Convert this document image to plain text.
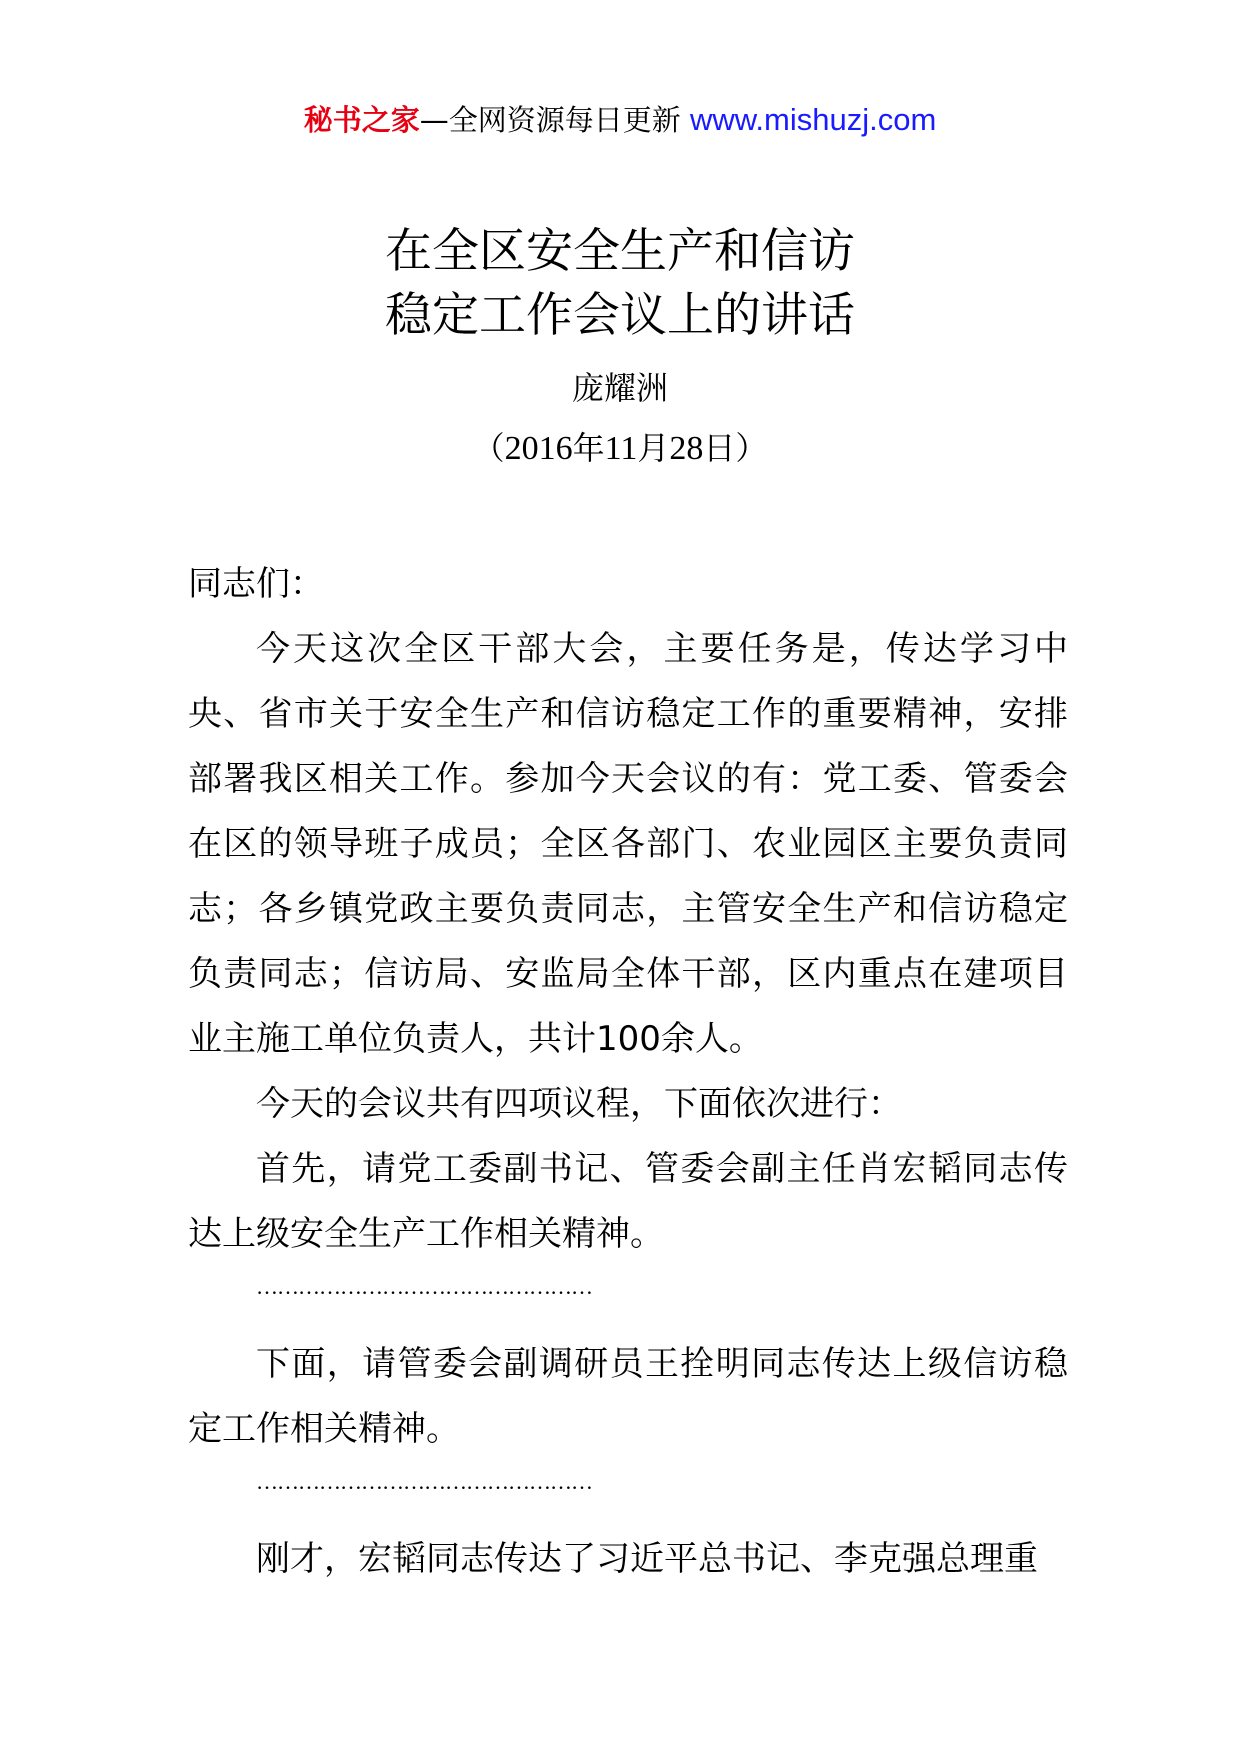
秘书之家—全网资源每日更新 www.mishuzj.com
在全区安全生产和信访
稳定工作会议上的讲话
庞耀洲
（2016年11月28日）

同志们：

今天这次全区干部大会，主要任务是，传达学习中央、省市关于安全生产和信访稳定工作的重要精神，安排部署我区相关工作。参加今天会议的有：党工委、管委会在区的领导班子成员；全区各部门、农业园区主要负责同志；各乡镇党政主要负责同志，主管安全生产和信访稳定负责同志；信访局、安监局全体干部，区内重点在建项目业主施工单位负责人，共计100余人。

今天的会议共有四项议程，下面依次进行：

首先，请党工委副书记、管委会副主任肖宏韬同志传达上级安全生产工作相关精神。

…………………………………………

下面，请管委会副调研员王拴明同志传达上级信访稳定工作相关精神。

…………………………………………

刚才，宏韬同志传达了习近平总书记、李克强总理重
